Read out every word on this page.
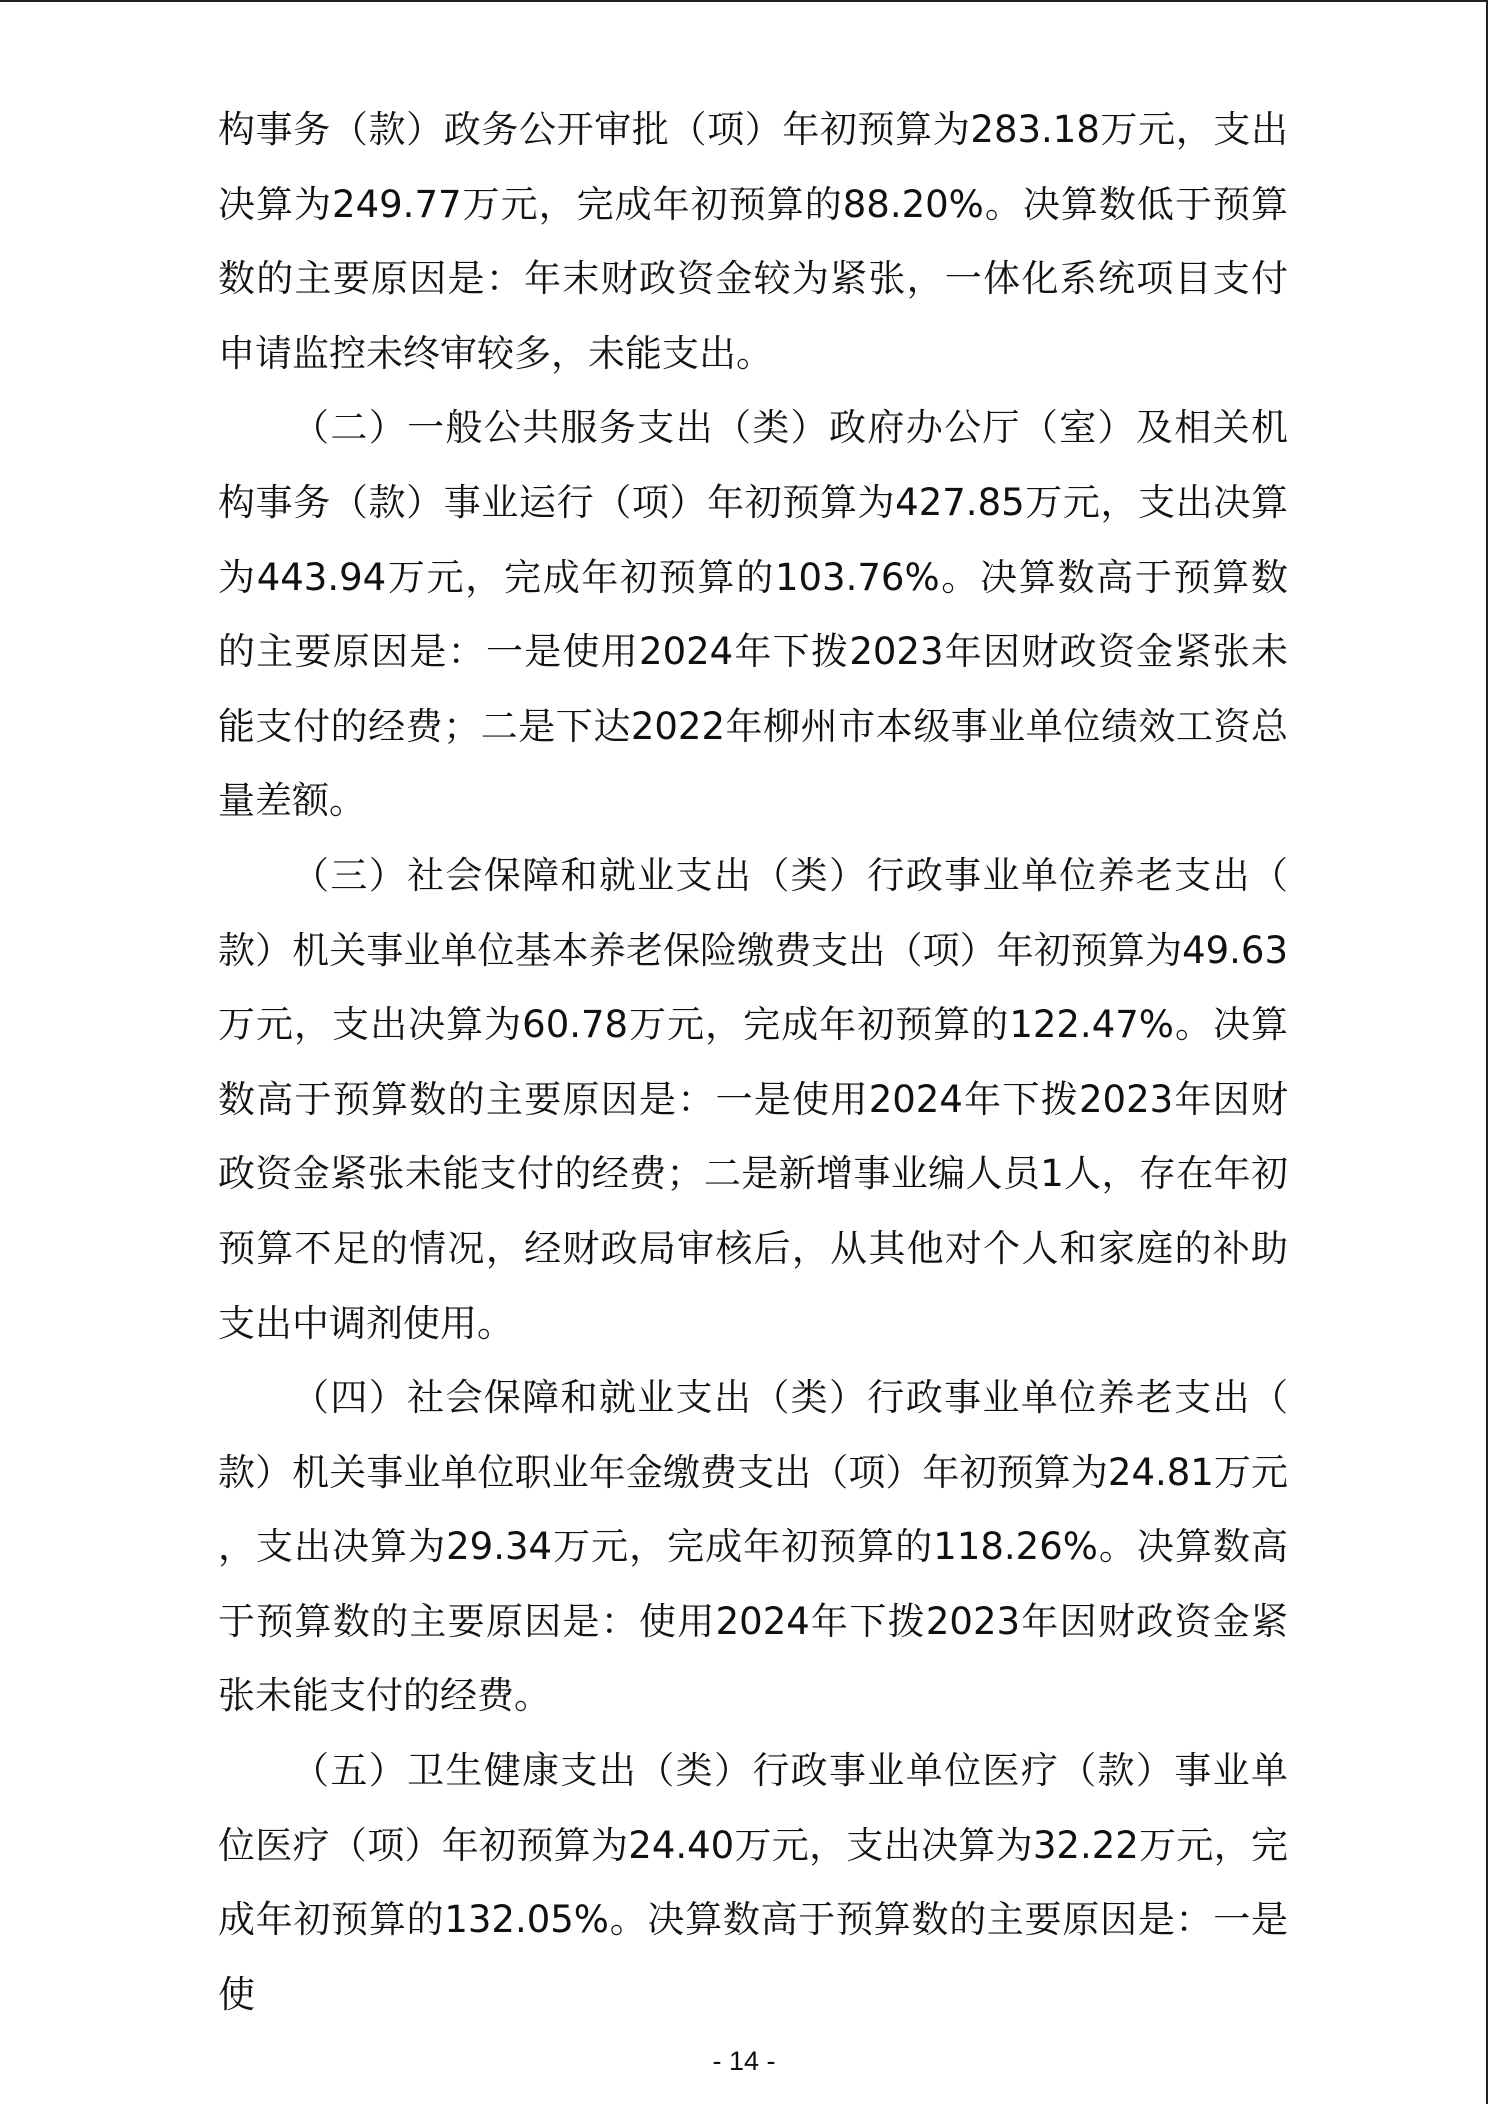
构事务（款）政务公开审批（项）年初预算为283.18万元，支出决算为249.77万元，完成年初预算的88.20%。决算数低于预算数的主要原因是：年末财政资金较为紧张，一体化系统项目支付申请监控未终审较多，未能支出。

（二）一般公共服务支出（类）政府办公厅（室）及相关机构事务（款）事业运行（项）年初预算为427.85万元，支出决算为443.94万元，完成年初预算的103.76%。决算数高于预算数的主要原因是：一是使用2024年下拨2023年因财政资金紧张未能支付的经费；二是下达2022年柳州市本级事业单位绩效工资总量差额。

（三）社会保障和就业支出（类）行政事业单位养老支出（款）机关事业单位基本养老保险缴费支出（项）年初预算为49.63万元，支出决算为60.78万元，完成年初预算的122.47%。决算数高于预算数的主要原因是：一是使用2024年下拨2023年因财政资金紧张未能支付的经费；二是新增事业编人员1人，存在年初预算不足的情况，经财政局审核后，从其他对个人和家庭的补助支出中调剂使用。

（四）社会保障和就业支出（类）行政事业单位养老支出（款）机关事业单位职业年金缴费支出（项）年初预算为24.81万元，支出决算为29.34万元，完成年初预算的118.26%。决算数高于预算数的主要原因是：使用2024年下拨2023年因财政资金紧张未能支付的经费。

（五）卫生健康支出（类）行政事业单位医疗（款）事业单位医疗（项）年初预算为24.40万元，支出决算为32.22万元，完成年初预算的132.05%。决算数高于预算数的主要原因是：一是使

- 14 -
